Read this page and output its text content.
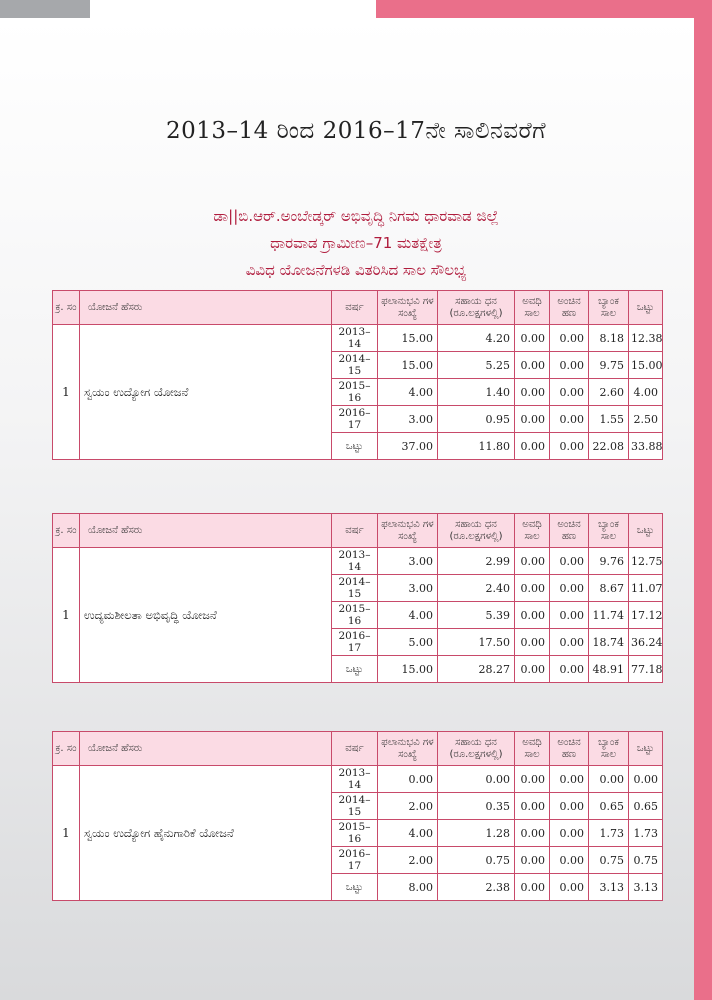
2013–14 ರಿಂದ 2016–17ನೇ ಸಾಲಿನವರೆಗೆ
ಡಾ||ಬಿ.ಆರ್.ಅಂಬೇಡ್ಕರ್ ಅಭಿವೃದ್ಧಿ ನಿಗಮ ಧಾರವಾಡ ಜಿಲ್ಲೆ
ಧಾರವಾಡ ಗ್ರಾಮೀಣ–71 ಮತಕ್ಷೇತ್ರ
ವಿವಿಧ ಯೋಜನೆಗಳಡಿ ವಿತರಿಸಿದ ಸಾಲ ಸೌಲಭ್ಯ
ಕ್ರ. ಸಂ	ಯೋಜನೆ ಹೆಸರು	ವರ್ಷ	ಫಲಾನುಭವಿ ಗಳ ಸಂಖ್ಯೆ	ಸಹಾಯ ಧನ (ರೂ.ಲಕ್ಷಗಳಲ್ಲಿ)	ಅವಧಿ ಸಾಲ	ಅಂಚಿನ ಹಣ	ಬ್ಯಾಂಕ ಸಾಲ	ಒಟ್ಟು
1	ಸ್ವಯಂ ಉದ್ಯೋಗ ಯೋಜನೆ	2013–14	15.00	4.20	0.00	0.00	8.18	12.38
		2014–15	15.00	5.25	0.00	0.00	9.75	15.00
		2015–16	4.00	1.40	0.00	0.00	2.60	4.00
		2016–17	3.00	0.95	0.00	0.00	1.55	2.50
		ಒಟ್ಟು	37.00	11.80	0.00	0.00	22.08	33.88
ಕ್ರ. ಸಂ	ಯೋಜನೆ ಹೆಸರು	ವರ್ಷ	ಫಲಾನುಭವಿ ಗಳ ಸಂಖ್ಯೆ	ಸಹಾಯ ಧನ (ರೂ.ಲಕ್ಷಗಳಲ್ಲಿ)	ಅವಧಿ ಸಾಲ	ಅಂಚಿನ ಹಣ	ಬ್ಯಾಂಕ ಸಾಲ	ಒಟ್ಟು
1	ಉದ್ಯಮಶೀಲತಾ ಅಭಿವೃದ್ಧಿ ಯೋಜನೆ	2013–14	3.00	2.99	0.00	0.00	9.76	12.75
		2014–15	3.00	2.40	0.00	0.00	8.67	11.07
		2015–16	4.00	5.39	0.00	0.00	11.74	17.12
		2016–17	5.00	17.50	0.00	0.00	18.74	36.24
		ಒಟ್ಟು	15.00	28.27	0.00	0.00	48.91	77.18
ಕ್ರ. ಸಂ	ಯೋಜನೆ ಹೆಸರು	ವರ್ಷ	ಫಲಾನುಭವಿ ಗಳ ಸಂಖ್ಯೆ	ಸಹಾಯ ಧನ (ರೂ.ಲಕ್ಷಗಳಲ್ಲಿ)	ಅವಧಿ ಸಾಲ	ಅಂಚಿನ ಹಣ	ಬ್ಯಾಂಕ ಸಾಲ	ಒಟ್ಟು
1	ಸ್ವಯಂ ಉದ್ಯೋಗ ಹೈನುಗಾರಿಕೆ ಯೋಜನೆ	2013–14	0.00	0.00	0.00	0.00	0.00	0.00
		2014–15	2.00	0.35	0.00	0.00	0.65	0.65
		2015–16	4.00	1.28	0.00	0.00	1.73	1.73
		2016–17	2.00	0.75	0.00	0.00	0.75	0.75
		ಒಟ್ಟು	8.00	2.38	0.00	0.00	3.13	3.13
